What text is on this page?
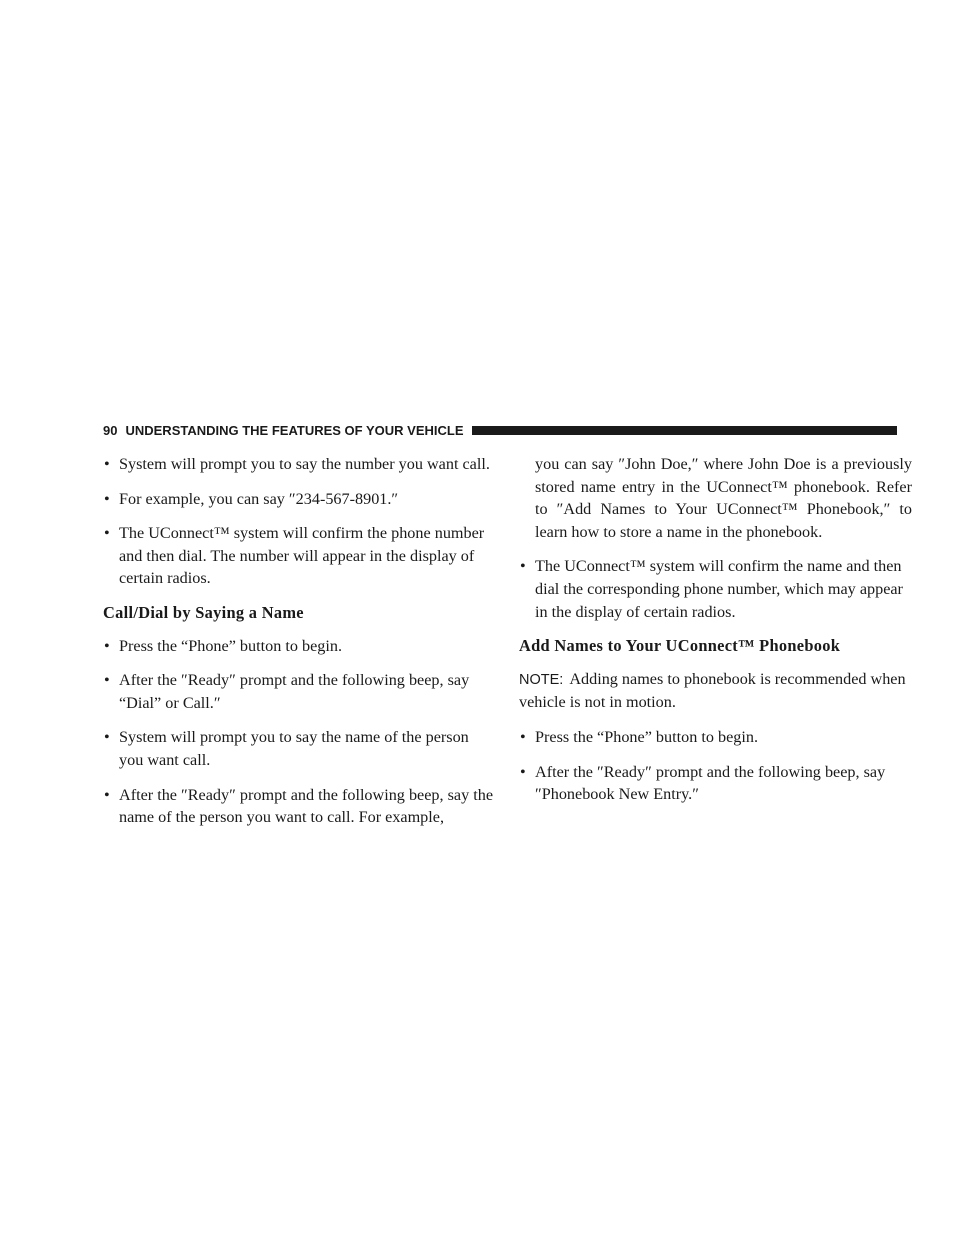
90 UNDERSTANDING THE FEATURES OF YOUR VEHICLE
• System will prompt you to say the number you want call.
• For example, you can say ″234-567-8901.″
• The UConnect™ system will confirm the phone number and then dial. The number will appear in the display of certain radios.
Call/Dial by Saying a Name
• Press the “Phone” button to begin.
• After the ″Ready″ prompt and the following beep, say “Dial” or Call.″
• System will prompt you to say the name of the person you want call.
• After the ″Ready″ prompt and the following beep, say the name of the person you want to call. For example,
you can say ″John Doe,″ where John Doe is a previously stored name entry in the UConnect™ phonebook. Refer to ″Add Names to Your UConnect™ Phonebook,″ to learn how to store a name in the phonebook.
• The UConnect™ system will confirm the name and then dial the corresponding phone number, which may appear in the display of certain radios.
Add Names to Your UConnect™ Phonebook

NOTE: Adding names to phonebook is recommended when vehicle is not in motion.

• Press the “Phone” button to begin.
• After the ″Ready″ prompt and the following beep, say ″Phonebook New Entry.″
